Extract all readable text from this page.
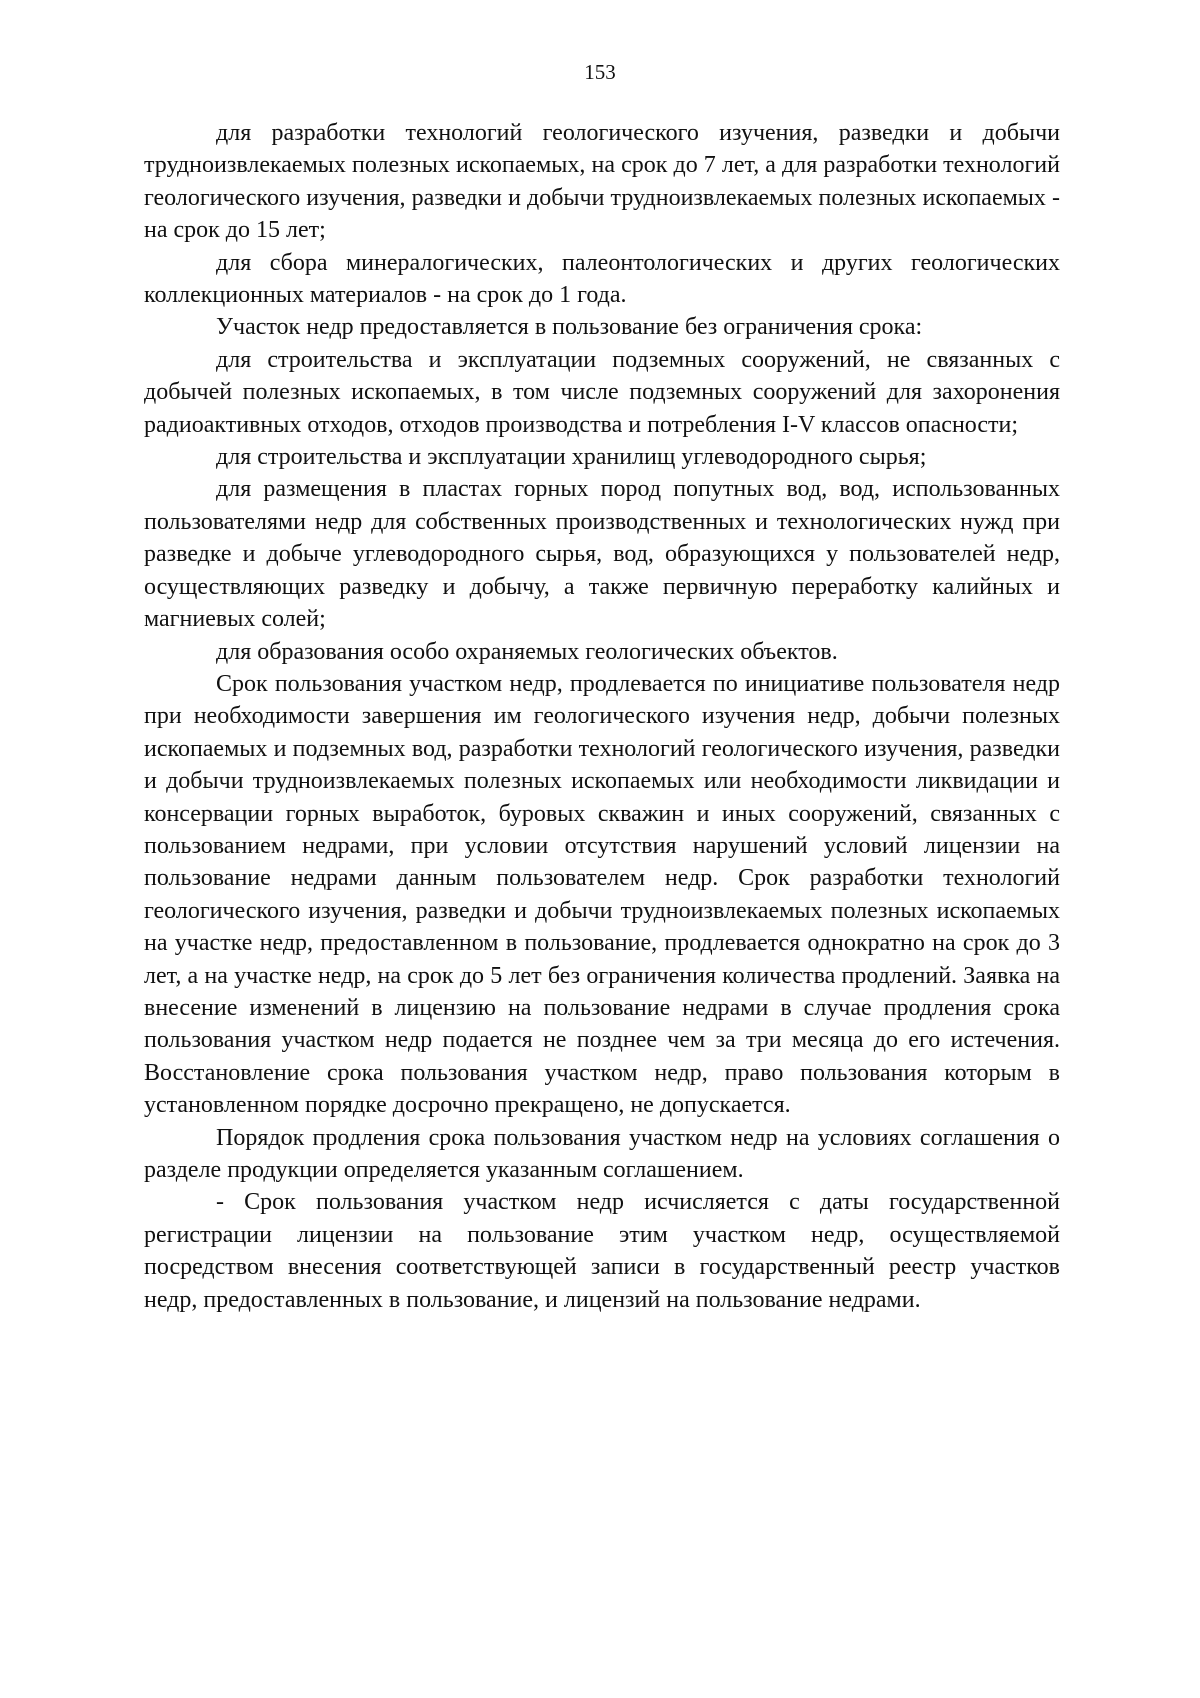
153

для разработки технологий геологического изучения, разведки и добычи трудноизвлекаемых полезных ископаемых, на срок до 7 лет, а для разработки технологий геологического изучения, разведки и добычи трудноизвлекаемых полезных ископаемых - на срок до 15 лет;

для сбора минералогических, палеонтологических и других геологических коллекционных материалов - на срок до 1 года.

Участок недр предоставляется в пользование без ограничения срока:

для строительства и эксплуатации подземных сооружений, не связанных с добычей полезных ископаемых, в том числе подземных сооружений для захоронения радиоактивных отходов, отходов производства и потребления I-V классов опасности;

для строительства и эксплуатации хранилищ углеводородного сырья;

для размещения в пластах горных пород попутных вод, вод, использованных пользователями недр для собственных производственных и технологических нужд при разведке и добыче углеводородного сырья, вод, образующихся у пользователей недр, осуществляющих разведку и добычу, а также первичную переработку калийных и магниевых солей;

для образования особо охраняемых геологических объектов.

Срок пользования участком недр, продлевается по инициативе пользователя недр при необходимости завершения им геологического изучения недр, добычи полезных ископаемых и подземных вод, разработки технологий геологического изучения, разведки и добычи трудноизвлекаемых полезных ископаемых или необходимости ликвидации и консервации горных выработок, буровых скважин и иных сооружений, связанных с пользованием недрами, при условии отсутствия нарушений условий лицензии на пользование недрами данным пользователем недр. Срок разработки технологий геологического изучения, разведки и добычи трудноизвлекаемых полезных ископаемых на участке недр, предоставленном в пользование, продлевается однократно на срок до 3 лет, а на участке недр, на срок до 5 лет без ограничения количества продлений. Заявка на внесение изменений в лицензию на пользование недрами в случае продления срока пользования участком недр подается не позднее чем за три месяца до его истечения. Восстановление срока пользования участком недр, право пользования которым в установленном порядке досрочно прекращено, не допускается.

Порядок продления срока пользования участком недр на условиях соглашения о разделе продукции определяется указанным соглашением.

- Срок пользования участком недр исчисляется с даты государственной регистрации лицензии на пользование этим участком недр, осуществляемой посредством внесения соответствующей записи в государственный реестр участков недр, предоставленных в пользование, и лицензий на пользование недрами.
